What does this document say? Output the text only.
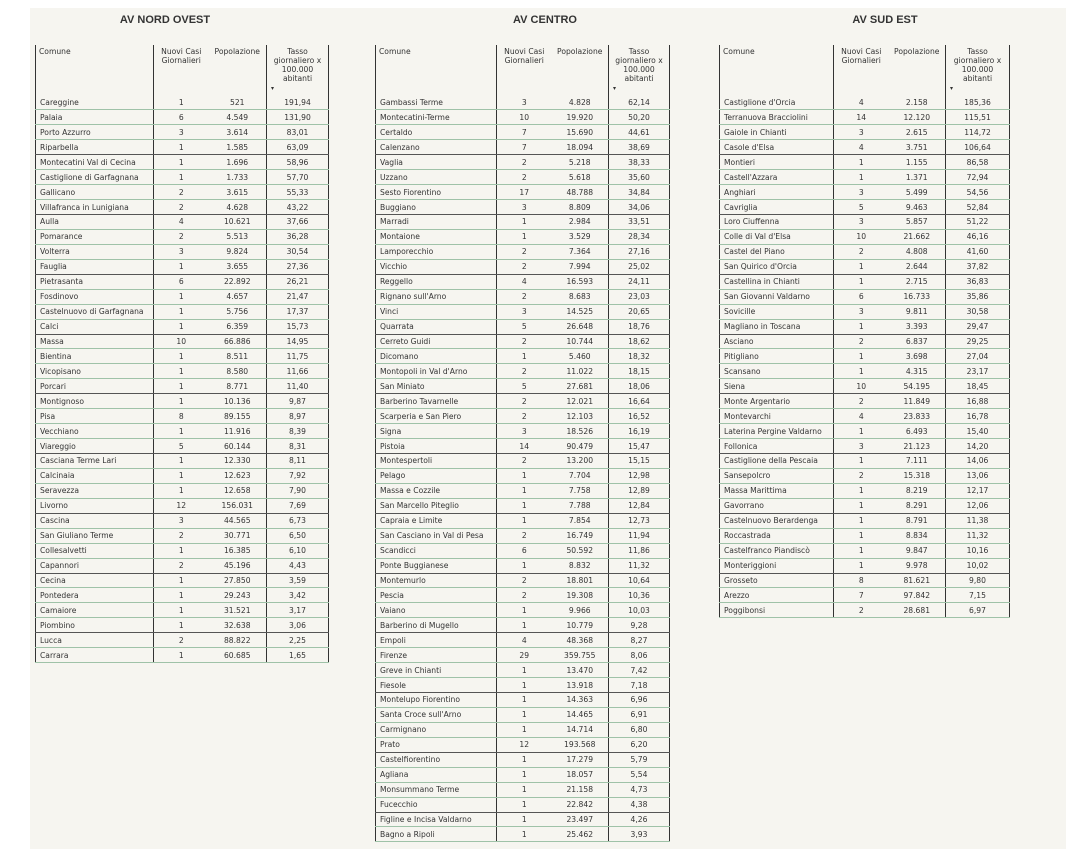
AV NORD OVEST
Comune	Nuovi Casi Giornalieri	Popolazione	Tasso giornaliero x 100.000 abitanti
▾

Careggine	1	521	191,94
Palaia	6	4.549	131,90
Porto Azzurro	3	3.614	83,01
Riparbella	1	1.585	63,09
Montecatini Val di Cecina	1	1.696	58,96
Castiglione di Garfagnana	1	1.733	57,70
Gallicano	2	3.615	55,33
Villafranca in Lunigiana	2	4.628	43,22
Aulla	4	10.621	37,66
Pomarance	2	5.513	36,28
Volterra	3	9.824	30,54
Fauglia	1	3.655	27,36
Pietrasanta	6	22.892	26,21
Fosdinovo	1	4.657	21,47
Castelnuovo di Garfagnana	1	5.756	17,37
Calci	1	6.359	15,73
Massa	10	66.886	14,95
Bientina	1	8.511	11,75
Vicopisano	1	8.580	11,66
Porcari	1	8.771	11,40
Montignoso	1	10.136	9,87
Pisa	8	89.155	8,97
Vecchiano	1	11.916	8,39
Viareggio	5	60.144	8,31
Casciana Terme Lari	1	12.330	8,11
Calcinaia	1	12.623	7,92
Seravezza	1	12.658	7,90
Livorno	12	156.031	7,69
Cascina	3	44.565	6,73
San Giuliano Terme	2	30.771	6,50
Collesalvetti	1	16.385	6,10
Capannori	2	45.196	4,43
Cecina	1	27.850	3,59
Pontedera	1	29.243	3,42
Camaiore	1	31.521	3,17
Piombino	1	32.638	3,06
Lucca	2	88.822	2,25
Carrara	1	60.685	1,65
AV CENTRO
Comune	Nuovi Casi Giornalieri	Popolazione	Tasso giornaliero x 100.000 abitanti
▾

Gambassi Terme	3	4.828	62,14
Montecatini-Terme	10	19.920	50,20
Certaldo	7	15.690	44,61
Calenzano	7	18.094	38,69
Vaglia	2	5.218	38,33
Uzzano	2	5.618	35,60
Sesto Fiorentino	17	48.788	34,84
Buggiano	3	8.809	34,06
Marradi	1	2.984	33,51
Montaione	1	3.529	28,34
Lamporecchio	2	7.364	27,16
Vicchio	2	7.994	25,02
Reggello	4	16.593	24,11
Rignano sull'Arno	2	8.683	23,03
Vinci	3	14.525	20,65
Quarrata	5	26.648	18,76
Cerreto Guidi	2	10.744	18,62
Dicomano	1	5.460	18,32
Montopoli in Val d'Arno	2	11.022	18,15
San Miniato	5	27.681	18,06
Barberino Tavarnelle	2	12.021	16,64
Scarperia e San Piero	2	12.103	16,52
Signa	3	18.526	16,19
Pistoia	14	90.479	15,47
Montespertoli	2	13.200	15,15
Pelago	1	7.704	12,98
Massa e Cozzile	1	7.758	12,89
San Marcello Piteglio	1	7.788	12,84
Capraia e Limite	1	7.854	12,73
San Casciano in Val di Pesa	2	16.749	11,94
Scandicci	6	50.592	11,86
Ponte Buggianese	1	8.832	11,32
Montemurlo	2	18.801	10,64
Pescia	2	19.308	10,36
Vaiano	1	9.966	10,03
Barberino di Mugello	1	10.779	9,28
Empoli	4	48.368	8,27
Firenze	29	359.755	8,06
Greve in Chianti	1	13.470	7,42
Fiesole	1	13.918	7,18
Montelupo Fiorentino	1	14.363	6,96
Santa Croce sull'Arno	1	14.465	6,91
Carmignano	1	14.714	6,80
Prato	12	193.568	6,20
Castelfiorentino	1	17.279	5,79
Agliana	1	18.057	5,54
Monsummano Terme	1	21.158	4,73
Fucecchio	1	22.842	4,38
Figline e Incisa Valdarno	1	23.497	4,26
Bagno a Ripoli	1	25.462	3,93
AV SUD EST
Comune	Nuovi Casi Giornalieri	Popolazione	Tasso giornaliero x 100.000 abitanti
▾

Castiglione d'Orcia	4	2.158	185,36
Terranuova Bracciolini	14	12.120	115,51
Gaiole in Chianti	3	2.615	114,72
Casole d'Elsa	4	3.751	106,64
Montieri	1	1.155	86,58
Castell'Azzara	1	1.371	72,94
Anghiari	3	5.499	54,56
Cavriglia	5	9.463	52,84
Loro Ciuffenna	3	5.857	51,22
Colle di Val d'Elsa	10	21.662	46,16
Castel del Piano	2	4.808	41,60
San Quirico d'Orcia	1	2.644	37,82
Castellina in Chianti	1	2.715	36,83
San Giovanni Valdarno	6	16.733	35,86
Sovicille	3	9.811	30,58
Magliano in Toscana	1	3.393	29,47
Asciano	2	6.837	29,25
Pitigliano	1	3.698	27,04
Scansano	1	4.315	23,17
Siena	10	54.195	18,45
Monte Argentario	2	11.849	16,88
Montevarchi	4	23.833	16,78
Laterina Pergine Valdarno	1	6.493	15,40
Follonica	3	21.123	14,20
Castiglione della Pescaia	1	7.111	14,06
Sansepolcro	2	15.318	13,06
Massa Marittima	1	8.219	12,17
Gavorrano	1	8.291	12,06
Castelnuovo Berardenga	1	8.791	11,38
Roccastrada	1	8.834	11,32
Castelfranco Piandiscò	1	9.847	10,16
Monteriggioni	1	9.978	10,02
Grosseto	8	81.621	9,80
Arezzo	7	97.842	7,15
Poggibonsi	2	28.681	6,97
